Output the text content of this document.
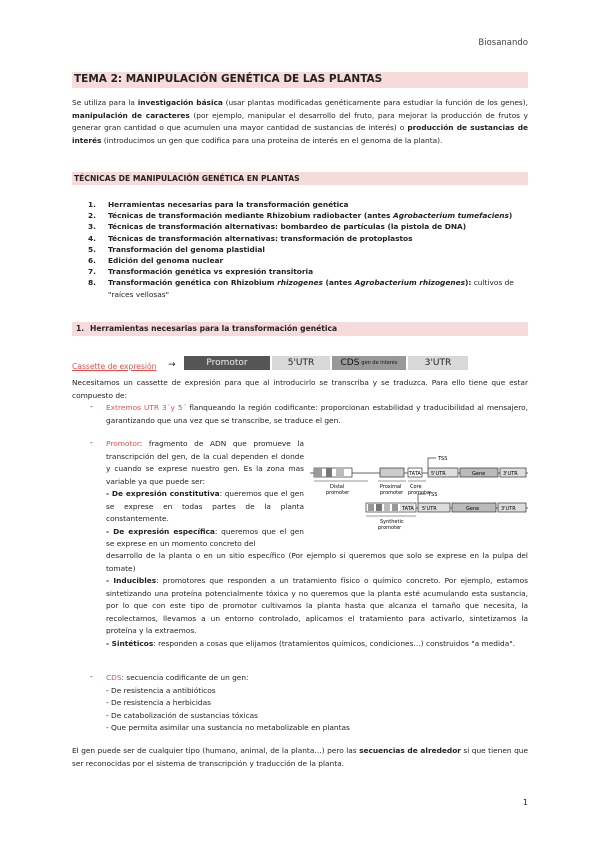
Biosanando
TEMA 2: MANIPULACIÓN GENÉTICA DE LAS PLANTAS
Se utiliza para la investigación básica (usar plantas modificadas genéticamente para estudiar la función de los genes), manipulación de caracteres (por ejemplo, manipular el desarrollo del fruto, para mejorar la producción de frutos y generar gran cantidad o que acumulen una mayor cantidad de sustancias de interés) o producción de sustancias de interés (introducimos un gen que codifica para una proteína de interés en el genoma de la planta).
TÉCNICAS DE MANIPULACIÓN GENÉTICA EN PLANTAS
1. Herramientas necesarias para la transformación genética
2. Técnicas de transformación mediante Rhizobium radiobacter (antes Agrobacterium tumefaciens)
3. Técnicas de transformación alternativas: bombardeo de partículas (la pistola de DNA)
4. Técnicas de transformación alternativas: transformación de protoplastos
5. Transformación del genoma plastidial
6. Edición del genoma nuclear
7. Transformación genética vs expresión transitoria
8. Transformación genética con Rhizobium rhizogenes (antes Agrobacterium rhizogenes): cultivos de "raíces vellosas"
1. Herramientas necesarias para la transformación genética
Cassette de expresión →	Promotor	5'UTR	CDS gen de interés	3'UTR
Necesitamos un cassette de expresión para que al introducirlo se transcriba y se traduzca. Para ello tiene que estar compuesto de:
- Extremos UTR 3´y 5´ flanqueando la región codificante: proporcionan estabilidad y traducibilidad al mensajero, garantizando que una vez que se transcribe, se traduce el gen.
- Promotor: fragmento de ADN que promueve la transcripción del gen, de la cual dependen el donde y cuando se exprese nuestro gen. Es la zona mas variable ya que puede ser:
- De expresión constitutiva: queremos que el gen se exprese en todas partes de la planta constantemente.
- De expresión específica: queremos que el gen se exprese en un momento concreto del
desarrollo de la planta o en un sitio específico (Por ejemplo si queremos que solo se exprese en la pulpa del tomate)
- Inducibles: promotores que responden a un tratamiento físico o químico concreto. Por ejemplo, estamos sintetizando una proteína potencialmente tóxica y no queremos que la planta esté acumulando esta sustancia, por lo que con este tipo de promotor cultivamos la planta hasta que alcanza el tamaño que necesita, la recolectamos, llevamos a un entorno controlado, aplicamos el tratamiento para activarlo, sintetizamos la proteína y la extraemos.
- Sintéticos: responden a cosas que elijamos (tratamientos químicos, condiciones…) construidos "a medida".
TATA 5'UTR	Gene	3'UTR
TSS
Distal
promoter
Proximal
promoter
Core
promoter
TATA 5'UTR	Gene	3'UTR
TSS
Synthetic
promoter
- CDS: secuencia codificante de un gen:
- De resistencia a antibióticos
- De resistencia a herbicidas
- De catabolización de sustancias tóxicas
- Que permita asimilar una sustancia no metabolizable en plantas
El gen puede ser de cualquier tipo (humano, animal, de la planta…) pero las secuencias de alrededor si que tienen que ser reconocidas por el sistema de transcripción y traducción de la planta.
1
